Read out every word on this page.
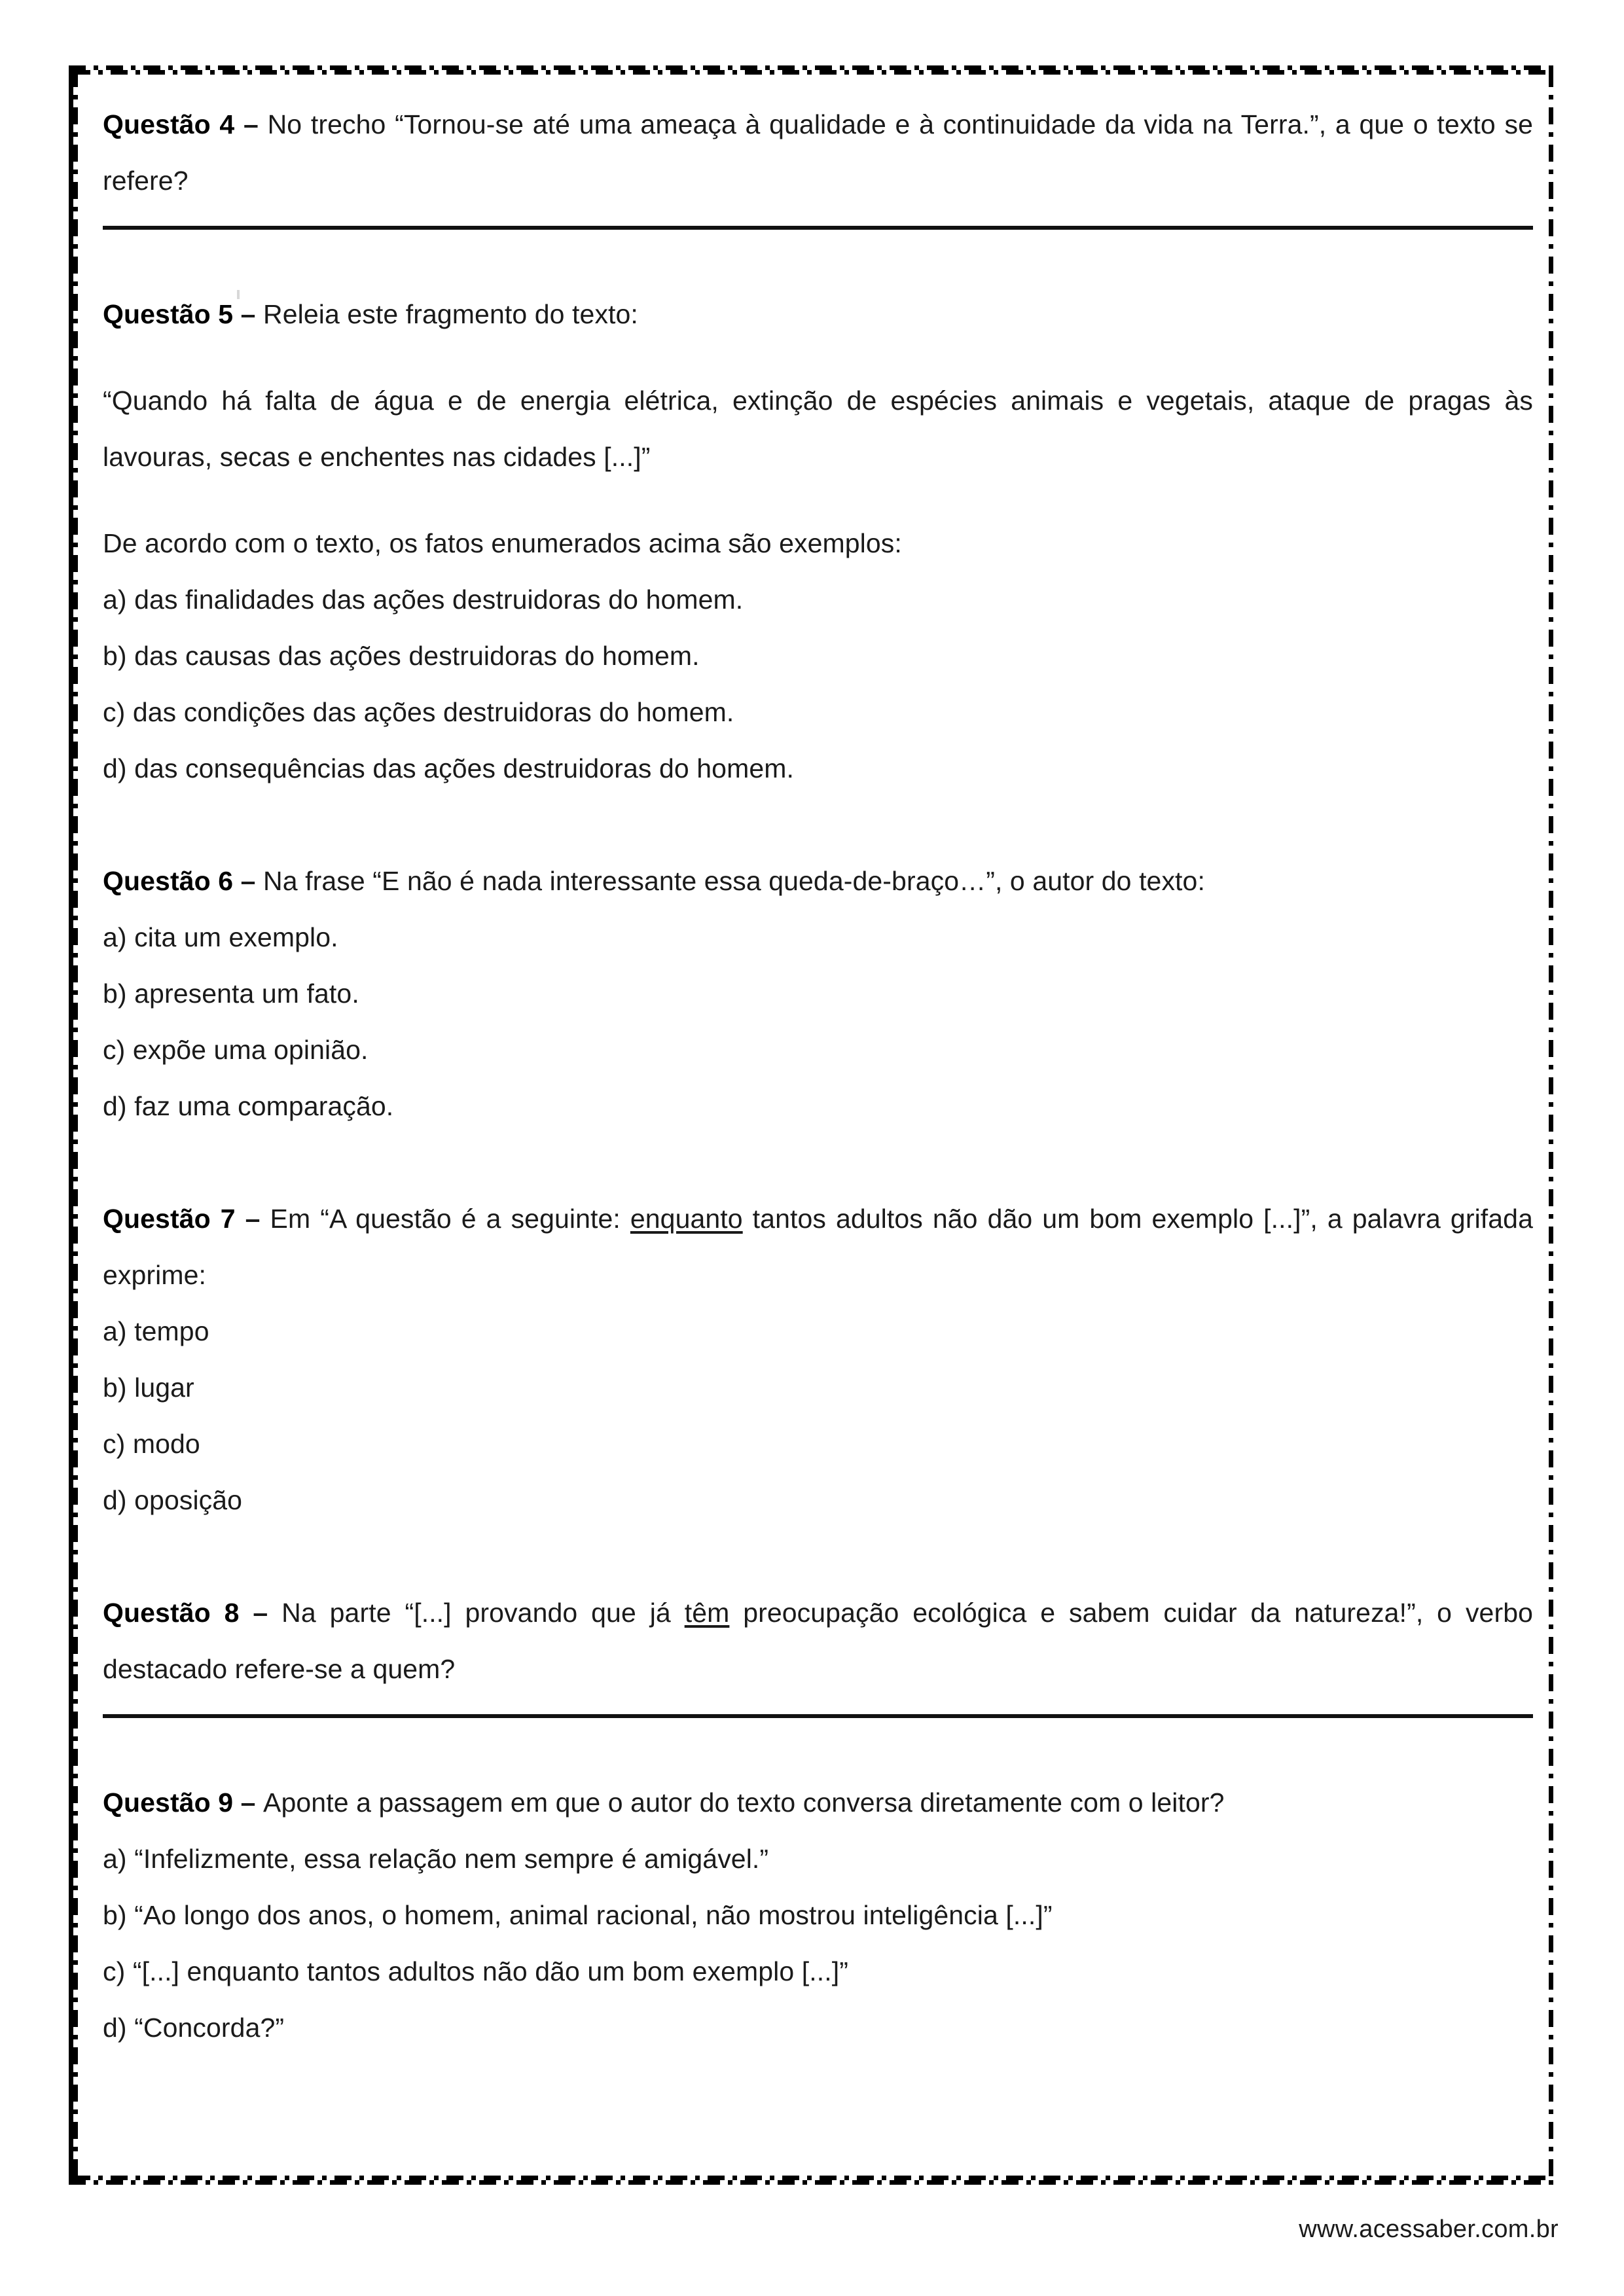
Questão 4 – No trecho “Tornou-se até uma ameaça à qualidade e à continuidade da vida na Terra.”, a que o texto se refere?

Questão 5 – Releia este fragmento do texto:

“Quando há falta de água e de energia elétrica, extinção de espécies animais e vegetais, ataque de pragas às lavouras, secas e enchentes nas cidades [...]”

De acordo com o texto, os fatos enumerados acima são exemplos:

a) das finalidades das ações destruidoras do homem.

b) das causas das ações destruidoras do homem.

c) das condições das ações destruidoras do homem.

d) das consequências das ações destruidoras do homem.

Questão 6 – Na frase “E não é nada interessante essa queda-de-braço…”, o autor do texto:

a) cita um exemplo.

b) apresenta um fato.

c) expõe uma opinião.

d) faz uma comparação.

Questão 7 – Em “A questão é a seguinte: enquanto tantos adultos não dão um bom exemplo [...]”, a palavra grifada exprime:

a) tempo

b) lugar

c) modo

d) oposição

Questão 8 – Na parte “[...] provando que já têm preocupação ecológica e sabem cuidar da natureza!”, o verbo destacado refere-se a quem?

Questão 9 – Aponte a passagem em que o autor do texto conversa diretamente com o leitor?

a) “Infelizmente, essa relação nem sempre é amigável.”

b) “Ao longo dos anos, o homem, animal racional, não mostrou inteligência [...]”

c) “[...] enquanto tantos adultos não dão um bom exemplo [...]”

d) “Concorda?”

www.acessaber.com.br
